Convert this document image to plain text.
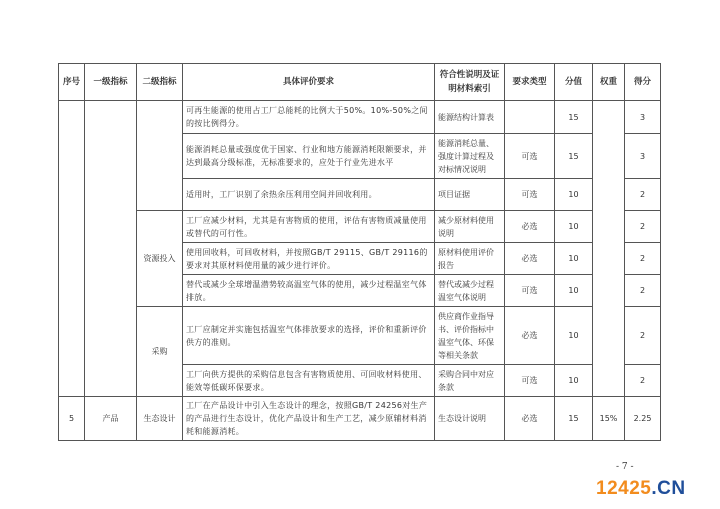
序号	一级指标	二级指标	具体评价要求	符合性说明及证明材料索引	要求类型	分值	权重	得分
			可再生能源的使用占工厂总能耗的比例大于50%。10%-50%之间的按比例得分。	能源结构计算表		15		3
			能源消耗总量或强度优于国家、行业和地方能源消耗限额要求，并达到最高分级标准，无标准要求的，应处于行业先进水平	能源消耗总量、强度计算过程及对标情况说明	可选	15		3
			适用时，工厂识别了余热余压利用空间并回收利用。	项目证据	可选	10		2
		资源投入	工厂应减少材料，尤其是有害物质的使用，评估有害物质减量使用或替代的可行性。	减少原材料使用说明	必选	10		2
			使用回收料，可回收材料，并按照GB/T 29115、GB/T 29116的要求对其原材料使用量的减少进行评价。	原材料使用评价报告	必选	10		2
			替代或减少全球增温潜势较高温室气体的使用，减少过程温室气体排放。	替代或减少过程温室气体说明	可选	10		2
		采购	工厂应制定并实施包括温室气体排放要求的选择，评价和重新评价供方的准则。	供应商作业指导书、评价指标中温室气体、环保等相关条款	必选	10		2
			工厂向供方提供的采购信息包含有害物质使用、可回收材料使用、能效等低碳环保要求。	采购合同中对应条款	可选	10		2
5	产品	生态设计	工厂在产品设计中引入生态设计的理念，按照GB/T 24256对生产的产品进行生态设计，优化产品设计和生产工艺，减少原辅材料消耗和能源消耗。	生态设计说明	必选	15	15%	2.25
- 7 -
12425.CN
